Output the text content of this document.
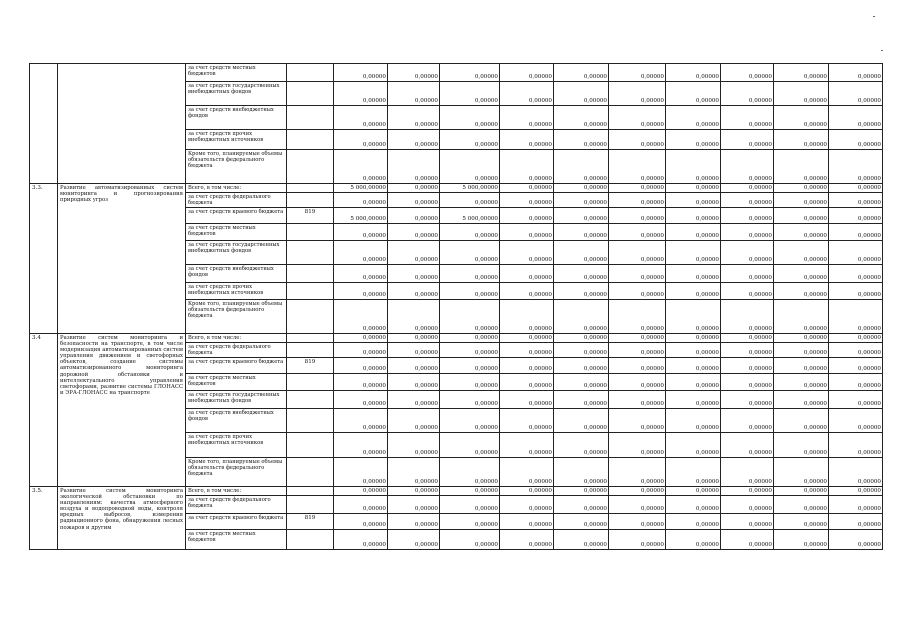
		за счет средств местных бюджетов		0,00000	0,00000	0,00000	0,00000	0,00000	0,00000	0,00000	0,00000	0,00000	0,00000
		за счет средств государственных внебюджетных фондов		0,00000	0,00000	0,00000	0,00000	0,00000	0,00000	0,00000	0,00000	0,00000	0,00000
		за счет средств внебюджетных фондов		0,00000	0,00000	0,00000	0,00000	0,00000	0,00000	0,00000	0,00000	0,00000	0,00000
		за счет средств прочих внебюджетных источников		0,00000	0,00000	0,00000	0,00000	0,00000	0,00000	0,00000	0,00000	0,00000	0,00000
		Кроме того, планируемые объемы обязательств федерального бюджета		0,00000	0,00000	0,00000	0,00000	0,00000	0,00000	0,00000	0,00000	0,00000	0,00000
3.3.	Развитие автоматизированных систем мониторинга и прогнозирования природных угроз	Всего, в том числе:		5 000,00000	0,00000	5 000,00000	0,00000	0,00000	0,00000	0,00000	0,00000	0,00000	0,00000
		за счет средств федерального бюджета		0,00000	0,00000	0,00000	0,00000	0,00000	0,00000	0,00000	0,00000	0,00000	0,00000
		за счет средств краевого бюджета	819	5 000,00000	0,00000	5 000,00000	0,00000	0,00000	0,00000	0,00000	0,00000	0,00000	0,00000
		за счет средств местных бюджетов		0,00000	0,00000	0,00000	0,00000	0,00000	0,00000	0,00000	0,00000	0,00000	0,00000
		за счет средств государственных внебюджетных фондов		0,00000	0,00000	0,00000	0,00000	0,00000	0,00000	0,00000	0,00000	0,00000	0,00000
		за счет средств внебюджетных фондов		0,00000	0,00000	0,00000	0,00000	0,00000	0,00000	0,00000	0,00000	0,00000	0,00000
		за счет средств прочих внебюджетных источников		0,00000	0,00000	0,00000	0,00000	0,00000	0,00000	0,00000	0,00000	0,00000	0,00000
		Кроме того, планируемые объемы обязательств федерального бюджета		0,00000	0,00000	0,00000	0,00000	0,00000	0,00000	0,00000	0,00000	0,00000	0,00000
3.4	Развитие систем мониторинга и безопасности на транспорте, в том числе модернизация автоматизированных систем управления движением и светофорных объектов, создание системы автоматизированного мониторинга дорожной обстановки и интеллектуального управления светофорами, развитие системы ГЛОНАСС и ЭРА-ГЛОНАСС на транспорте	Всего, в том числе:		0,00000	0,00000	0,00000	0,00000	0,00000	0,00000	0,00000	0,00000	0,00000	0,00000
		за счет средств федерального бюджета		0,00000	0,00000	0,00000	0,00000	0,00000	0,00000	0,00000	0,00000	0,00000	0,00000
		за счет средств краевого бюджета	819	0,00000	0,00000	0,00000	0,00000	0,00000	0,00000	0,00000	0,00000	0,00000	0,00000
		за счет средств местных бюджетов		0,00000	0,00000	0,00000	0,00000	0,00000	0,00000	0,00000	0,00000	0,00000	0,00000
		за счет средств государственных внебюджетных фондов		0,00000	0,00000	0,00000	0,00000	0,00000	0,00000	0,00000	0,00000	0,00000	0,00000
		за счет средств внебюджетных фондов		0,00000	0,00000	0,00000	0,00000	0,00000	0,00000	0,00000	0,00000	0,00000	0,00000
		за счет средств прочих внебюджетных источников		0,00000	0,00000	0,00000	0,00000	0,00000	0,00000	0,00000	0,00000	0,00000	0,00000
		Кроме того, планируемые объемы обязательств федерального бюджета		0,00000	0,00000	0,00000	0,00000	0,00000	0,00000	0,00000	0,00000	0,00000	0,00000
3.5.	Развитие систем мониторинга экологической обстановки по направлениям: качества атмосферного воздуха и водопроводной воды, контроля вредных выбросов, измерения радиационного фона, обнаружения лесных пожаров и другим	Всего, в том числе:		0,00000	0,00000	0,00000	0,00000	0,00000	0,00000	0,00000	0,00000	0,00000	0,00000
		за счет средств федерального бюджета		0,00000	0,00000	0,00000	0,00000	0,00000	0,00000	0,00000	0,00000	0,00000	0,00000
		за счет средств краевого бюджета	819	0,00000	0,00000	0,00000	0,00000	0,00000	0,00000	0,00000	0,00000	0,00000	0,00000
		за счет средств местных бюджетов		0,00000	0,00000	0,00000	0,00000	0,00000	0,00000	0,00000	0,00000	0,00000	0,00000
